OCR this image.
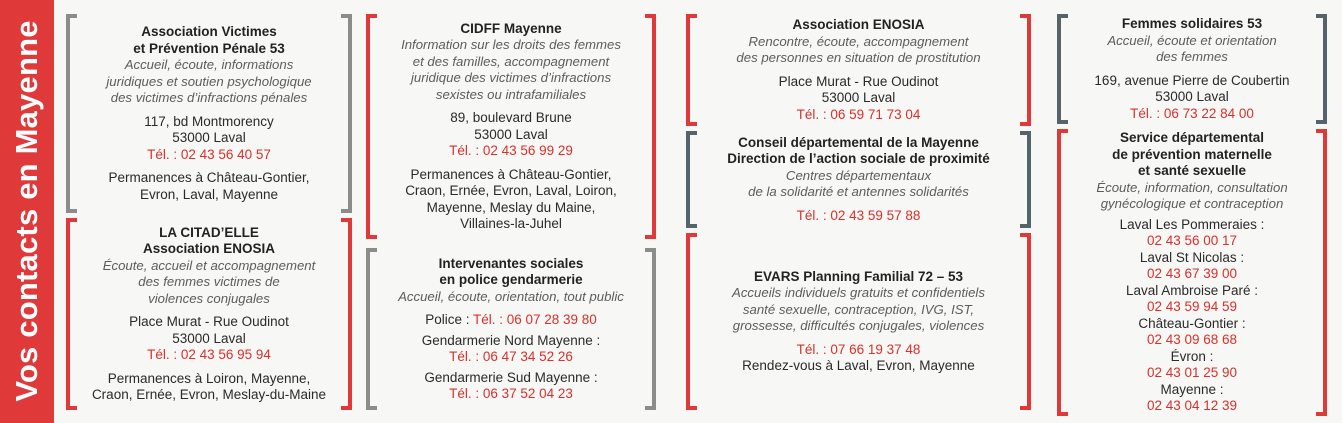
Vos contacts en Mayenne	Association Victimes
et Prévention Pénale 53
Accueil, écoute, informations
juridiques et soutien psychologique
des victimes d’infractions pénales
117, bd Montmorency
53000 Laval
Tél. : 02 43 56 40 57
Permanences à Château-Gontier,
Evron, Laval, Mayenne
LA CITAD’ELLE
Association ENOSIA
Écoute, accueil et accompagnement
des femmes victimes de
violences conjugales
Place Murat - Rue Oudinot
53000 Laval
Tél. : 02 43 56 95 94
Permanences à Loiron, Mayenne,
Craon, Ernée, Evron, Meslay-du-Maine
CIDFF Mayenne
Information sur les droits des femmes
et des familles, accompagnement
juridique des victimes d’infractions
sexistes ou intrafamiliales
89, boulevard Brune
53000 Laval
Tél. : 02 43 56 99 29
Permanences à Château-Gontier,
Craon, Ernée, Evron, Laval, Loiron,
Mayenne, Meslay du Maine,
Villaines-la-Juhel
Intervenantes sociales
en police gendarmerie
Accueil, écoute, orientation, tout public
Police : Tél. : 06 07 28 39 80
Gendarmerie Nord Mayenne :
Tél. : 06 47 34 52 26
Gendarmerie Sud Mayenne :
Tél. : 06 37 52 04 23
Association ENOSIA
Rencontre, écoute, accompagnement
des personnes en situation de prostitution
Place Murat - Rue Oudinot
53000 Laval
Tél. : 06 59 71 73 04
Conseil départemental de la Mayenne
Direction de l’action sociale de proximité
Centres départementaux
de la solidarité et antennes solidarités
Tél. : 02 43 59 57 88
EVARS Planning Familial 72 – 53
Accueils individuels gratuits et confidentiels
santé sexuelle, contraception, IVG, IST,
grossesse, difficultés conjugales, violences
Tél. : 07 66 19 37 48
Rendez-vous à Laval, Evron, Mayenne
Femmes solidaires 53
Accueil, écoute et orientation
des femmes
169, avenue Pierre de Coubertin
53000 Laval
Tél. : 06 73 22 84 00
Service départemental
de prévention maternelle
et santé sexuelle
Écoute, information, consultation
gynécologique et contraception
Laval Les Pommeraies :
02 43 56 00 17
Laval St Nicolas :
02 43 67 39 00
Laval Ambroise Paré :
02 43 59 94 59
Château-Gontier :
02 43 09 68 68
Évron :
02 43 01 25 90
Mayenne :
02 43 04 12 39
